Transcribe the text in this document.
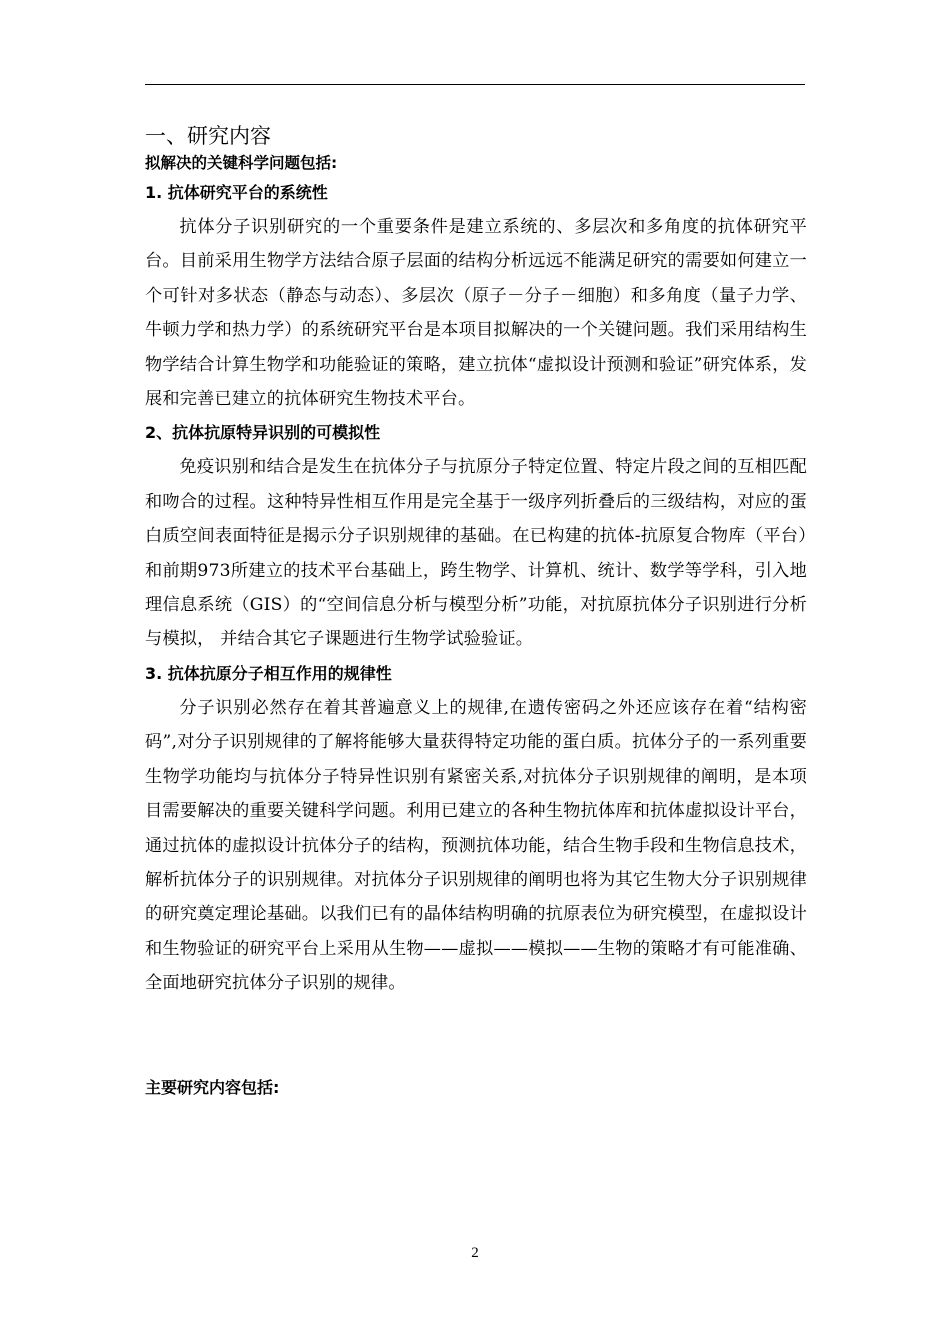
一、研究内容
拟解决的关键科学问题包括:
1. 抗体研究平台的系统性

抗体分子识别研究的一个重要条件是建立系统的、多层次和多角度的抗体研究平台。目前采用生物学方法结合原子层面的结构分析远远不能满足研究的需要如何建立一个可针对多状态（静态与动态）、多层次（原子－分子－细胞）和多角度（量子力学、牛顿力学和热力学）的系统研究平台是本项目拟解决的一个关键问题。我们采用结构生物学结合计算生物学和功能验证的策略，建立抗体“虚拟设计预测和验证”研究体系，发展和完善已建立的抗体研究生物技术平台。

2、抗体抗原特异识别的可模拟性

免疫识别和结合是发生在抗体分子与抗原分子特定位置、特定片段之间的互相匹配和吻合的过程。这种特异性相互作用是完全基于一级序列折叠后的三级结构，对应的蛋白质空间表面特征是揭示分子识别规律的基础。在已构建的抗体-抗原复合物库（平台）和前期973所建立的技术平台基础上，跨生物学、计算机、统计、数学等学科，引入地理信息系统（GIS）的“空间信息分析与模型分析”功能，对抗原抗体分子识别进行分析与模拟， 并结合其它子课题进行生物学试验验证。

3. 抗体抗原分子相互作用的规律性

分子识别必然存在着其普遍意义上的规律,在遗传密码之外还应该存在着“结构密码”,对分子识别规律的了解将能够大量获得特定功能的蛋白质。抗体分子的一系列重要生物学功能均与抗体分子特异性识别有紧密关系,对抗体分子识别规律的阐明，是本项目需要解决的重要关键科学问题。利用已建立的各种生物抗体库和抗体虚拟设计平台，通过抗体的虚拟设计抗体分子的结构，预测抗体功能，结合生物手段和生物信息技术，解析抗体分子的识别规律。对抗体分子识别规律的阐明也将为其它生物大分子识别规律的研究奠定理论基础。以我们已有的晶体结构明确的抗原表位为研究模型，在虚拟设计和生物验证的研究平台上采用从生物——虚拟——模拟——生物的策略才有可能准确、全面地研究抗体分子识别的规律。

主要研究内容包括:
2
